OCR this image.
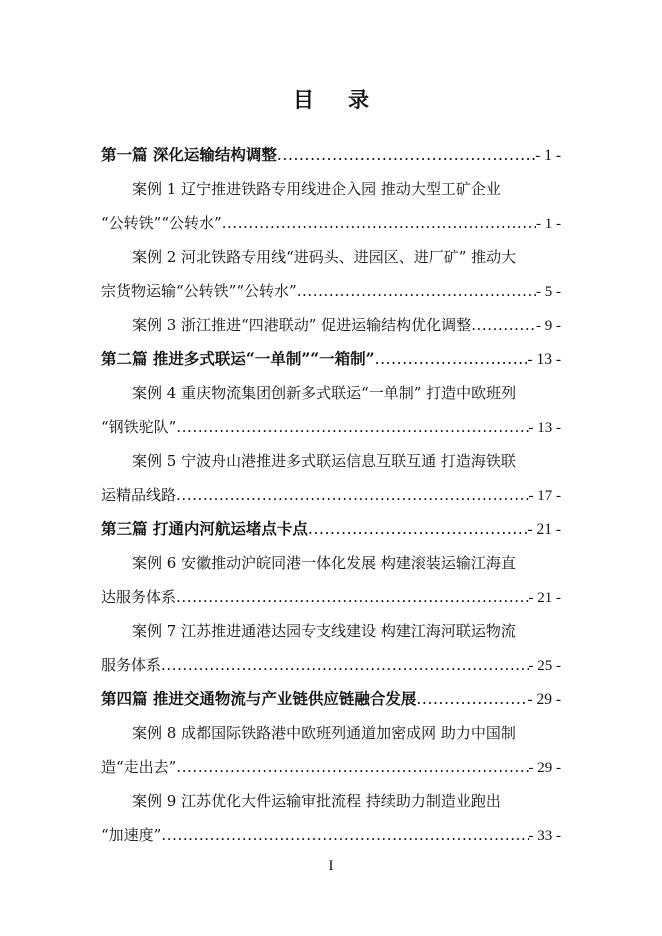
目 录
第一篇 深化运输结构调整 .....	- 1 -
案例 1 辽宁推进铁路专用线进企入园 推动大型工矿企业
“公转铁”“公转水” .....	- 1 -
案例 2 河北铁路专用线“进码头、进园区、进厂矿” 推动大
宗货物运输“公转铁”“公转水” .....	- 5 -
案例 3 浙江推进“四港联动” 促进运输结构优化调整 .....	- 9 -
第二篇 推进多式联运“一单制”“一箱制” .....	- 13 -
案例 4 重庆物流集团创新多式联运“一单制” 打造中欧班列
“钢铁驼队” .....	- 13 -
案例 5 宁波舟山港推进多式联运信息互联互通 打造海铁联
运精品线路 .....	- 17 -
第三篇 打通内河航运堵点卡点 .....	- 21 -
案例 6 安徽推动沪皖同港一体化发展 构建滚装运输江海直
达服务体系 .....	- 21 -
案例 7 江苏推进通港达园专支线建设 构建江海河联运物流
服务体系 .....	- 25 -
第四篇 推进交通物流与产业链供应链融合发展 .....	- 29 -
案例 8 成都国际铁路港中欧班列通道加密成网 助力中国制
造“走出去” .....	- 29 -
案例 9 江苏优化大件运输审批流程 持续助力制造业跑出
“加速度” .....	- 33 -
I
